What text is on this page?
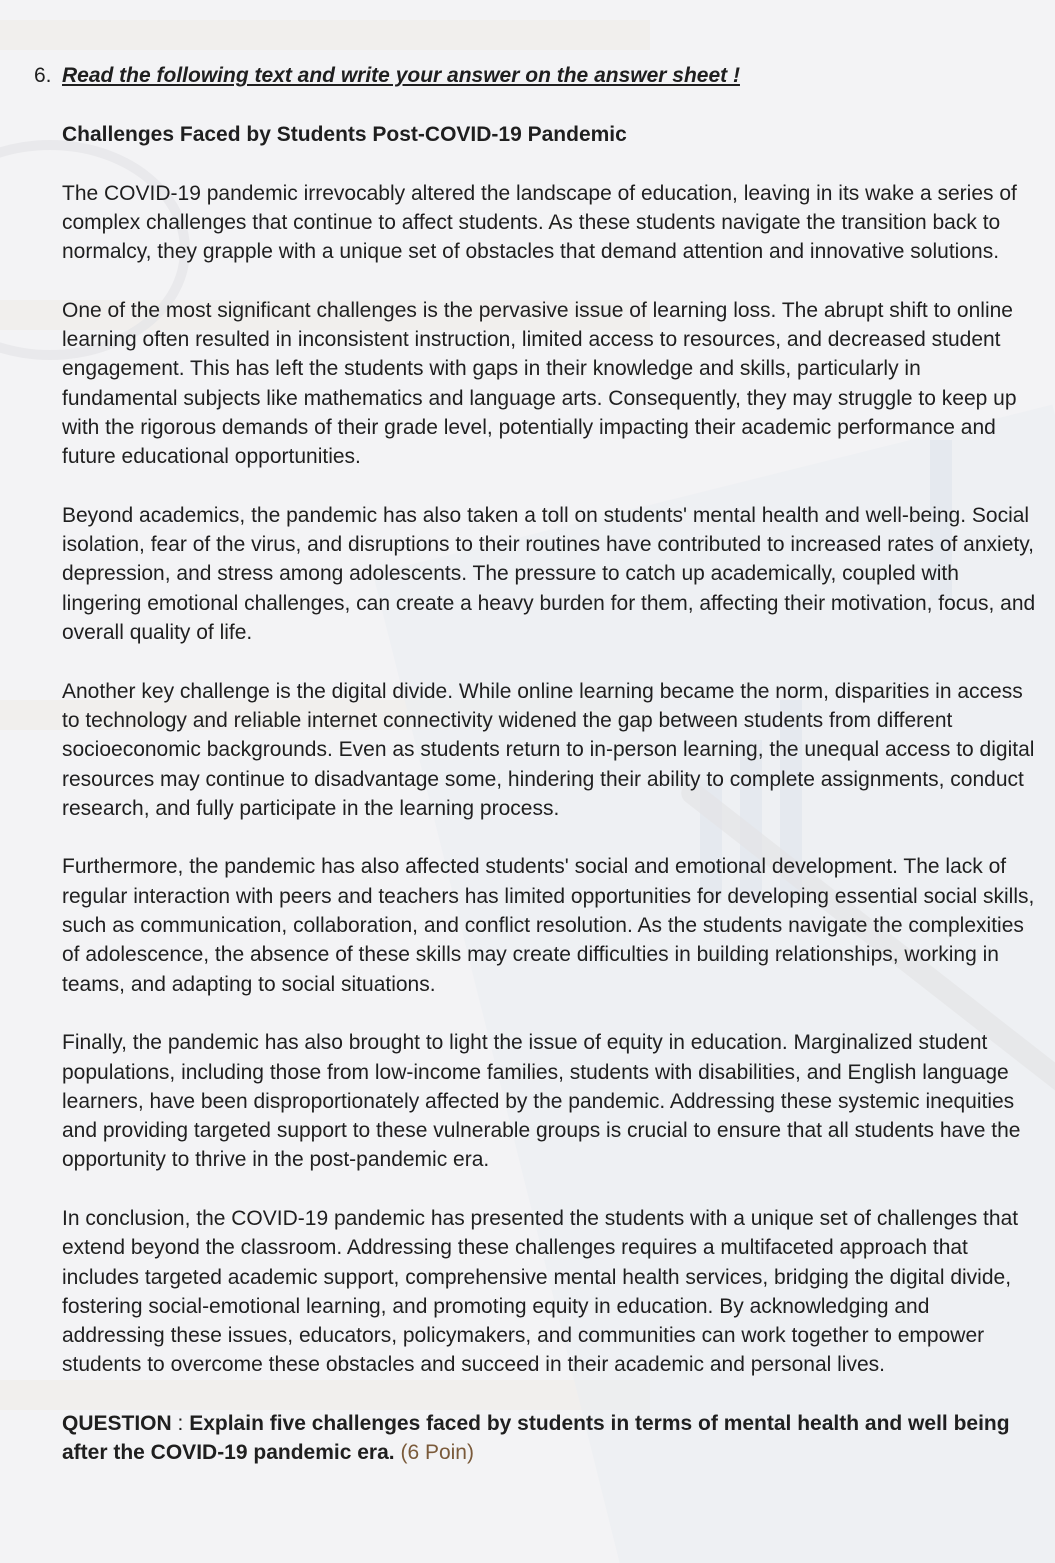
6. Read the following text and write your answer on the answer sheet !

Challenges Faced by Students Post-COVID-19 Pandemic

The COVID-19 pandemic irrevocably altered the landscape of education, leaving in its wake a series of complex challenges that continue to affect students. As these students navigate the transition back to normalcy, they grapple with a unique set of obstacles that demand attention and innovative solutions.

One of the most significant challenges is the pervasive issue of learning loss. The abrupt shift to online learning often resulted in inconsistent instruction, limited access to resources, and decreased student engagement. This has left the students with gaps in their knowledge and skills, particularly in fundamental subjects like mathematics and language arts. Consequently, they may struggle to keep up with the rigorous demands of their grade level, potentially impacting their academic performance and future educational opportunities.

Beyond academics, the pandemic has also taken a toll on students' mental health and well-being. Social isolation, fear of the virus, and disruptions to their routines have contributed to increased rates of anxiety, depression, and stress among adolescents. The pressure to catch up academically, coupled with lingering emotional challenges, can create a heavy burden for them, affecting their motivation, focus, and overall quality of life.

Another key challenge is the digital divide. While online learning became the norm, disparities in access to technology and reliable internet connectivity widened the gap between students from different socioeconomic backgrounds. Even as students return to in-person learning, the unequal access to digital resources may continue to disadvantage some, hindering their ability to complete assignments, conduct research, and fully participate in the learning process.

Furthermore, the pandemic has also affected students' social and emotional development. The lack of regular interaction with peers and teachers has limited opportunities for developing essential social skills, such as communication, collaboration, and conflict resolution. As the students navigate the complexities of adolescence, the absence of these skills may create difficulties in building relationships, working in teams, and adapting to social situations.

Finally, the pandemic has also brought to light the issue of equity in education. Marginalized student populations, including those from low-income families, students with disabilities, and English language learners, have been disproportionately affected by the pandemic. Addressing these systemic inequities and providing targeted support to these vulnerable groups is crucial to ensure that all students have the opportunity to thrive in the post-pandemic era.

In conclusion, the COVID-19 pandemic has presented the students with a unique set of challenges that extend beyond the classroom. Addressing these challenges requires a multifaceted approach that includes targeted academic support, comprehensive mental health services, bridging the digital divide, fostering social-emotional learning, and promoting equity in education. By acknowledging and addressing these issues, educators, policymakers, and communities can work together to empower students to overcome these obstacles and succeed in their academic and personal lives.

QUESTION : Explain five challenges faced by students in terms of mental health and well being after the COVID-19 pandemic era. (6 Poin)
